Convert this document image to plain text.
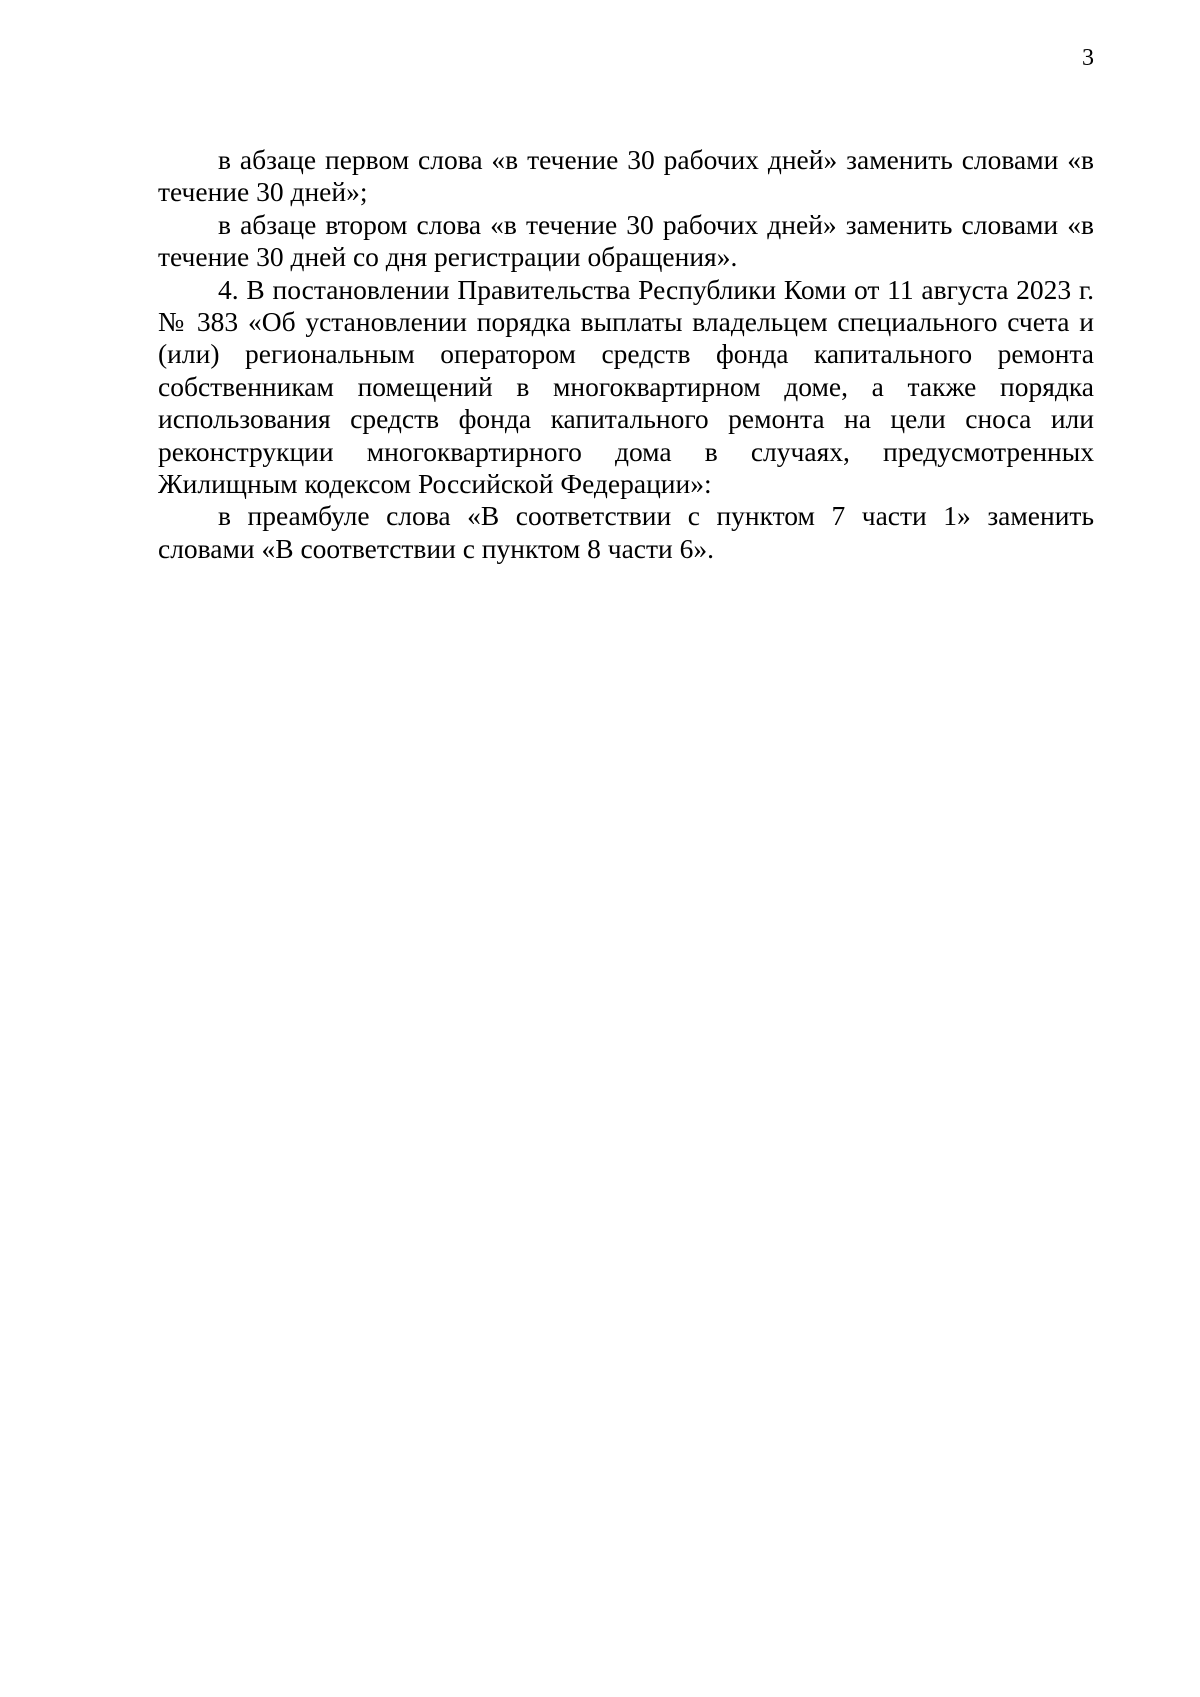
3

в абзаце первом слова «в течение 30 рабочих дней» заменить словами «в течение 30 дней»;

в абзаце втором слова «в течение 30 рабочих дней» заменить словами «в течение 30 дней со дня регистрации обращения».

4. В постановлении Правительства Республики Коми от 11 августа 2023 г. № 383 «Об установлении порядка выплаты владельцем специального счета и (или) региональным оператором средств фонда капитального ремонта собственникам помещений в многоквартирном доме, а также порядка использования средств фонда капитального ремонта на цели сноса или реконструкции многоквартирного дома в случаях, предусмотренных Жилищным кодексом Российской Федерации»:

в преамбуле слова «В соответствии с пунктом 7 части 1» заменить словами «В соответствии с пунктом 8 части 6».
